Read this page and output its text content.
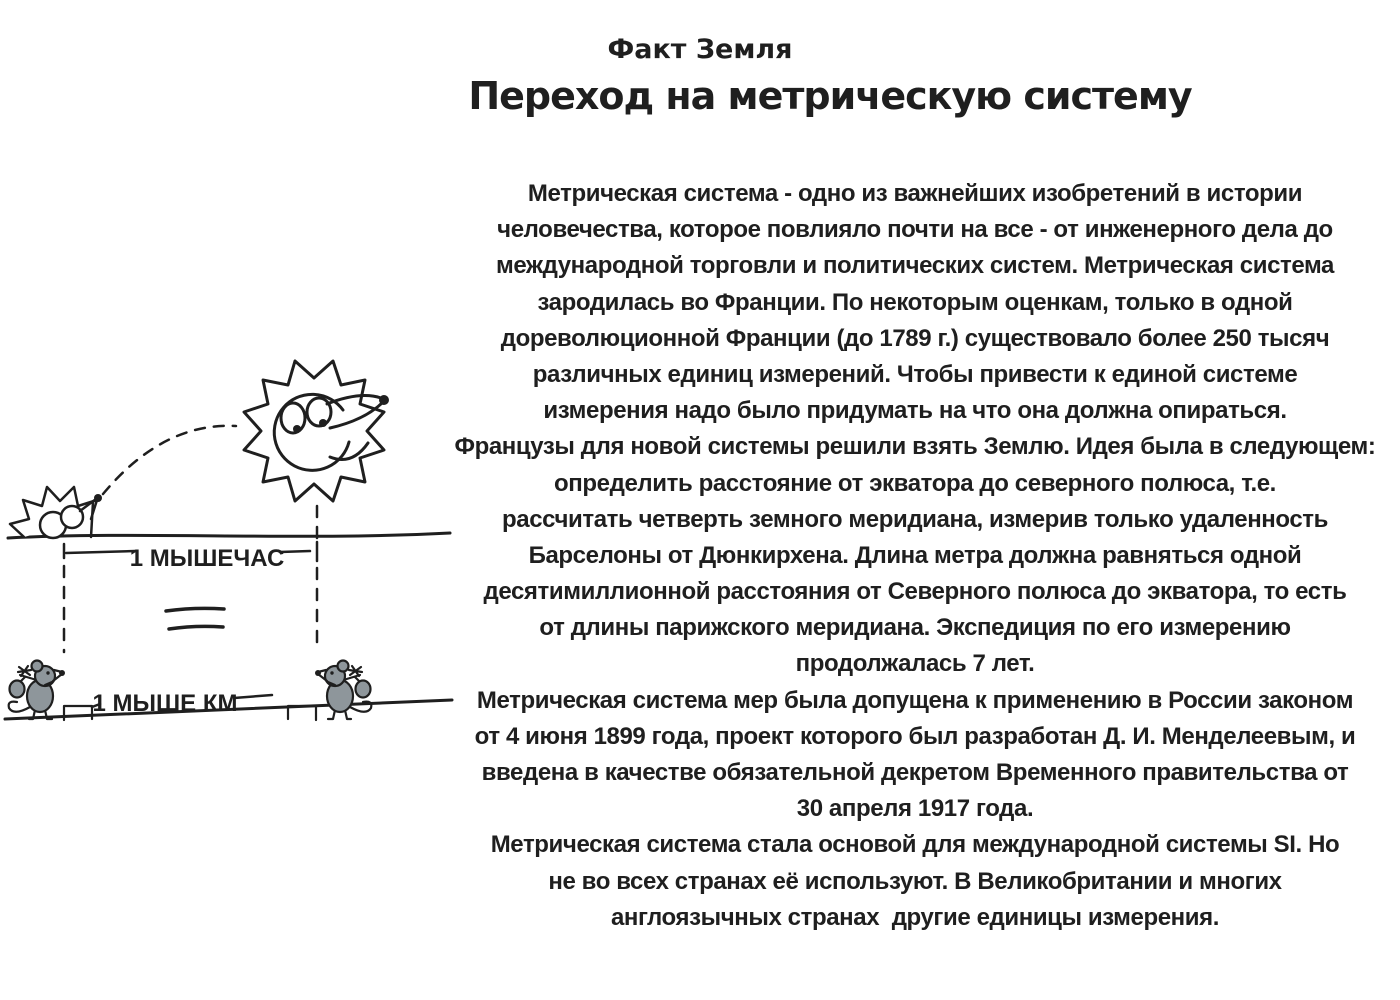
Факт Земля
Переход на метрическую систему

Метрическая система - одно из важнейших изобретений в истории
человечества, которое повлияло почти на все - от инженерного дела до
международной торговли и политических систем. Метрическая система
зародилась во Франции. По некоторым оценкам, только в одной
дореволюционной Франции (до 1789 г.) существовало более 250 тысяч
различных единиц измерений. Чтобы привести к единой системе
измерения надо было придумать на что она должна опираться.

Французы для новой системы решили взять Землю. Идея была в следующем:
определить расстояние от экватора до северного полюса, т.е.
рассчитать четверть земного меридиана, измерив только удаленность
Барселоны от Дюнкирхена. Длина метра должна равняться одной
десятимиллионной расстояния от Северного полюса до экватора, то есть
от длины парижского меридиана. Экспедиция по его измерению
продолжалась 7 лет.

Метрическая система мер была допущена к применению в России законом
от 4 июня 1899 года, проект которого был разработан Д. И. Менделеевым, и
введена в качестве обязательной декретом Временного правительства от
30 апреля 1917 года.

Метрическая система стала основой для международной системы SI. Но
не во всех странах её используют. В Великобритании и многих
англоязычных странах  другие единицы измерения.

1 МЫШЕЧАС
1 МЫШЕ КМ
